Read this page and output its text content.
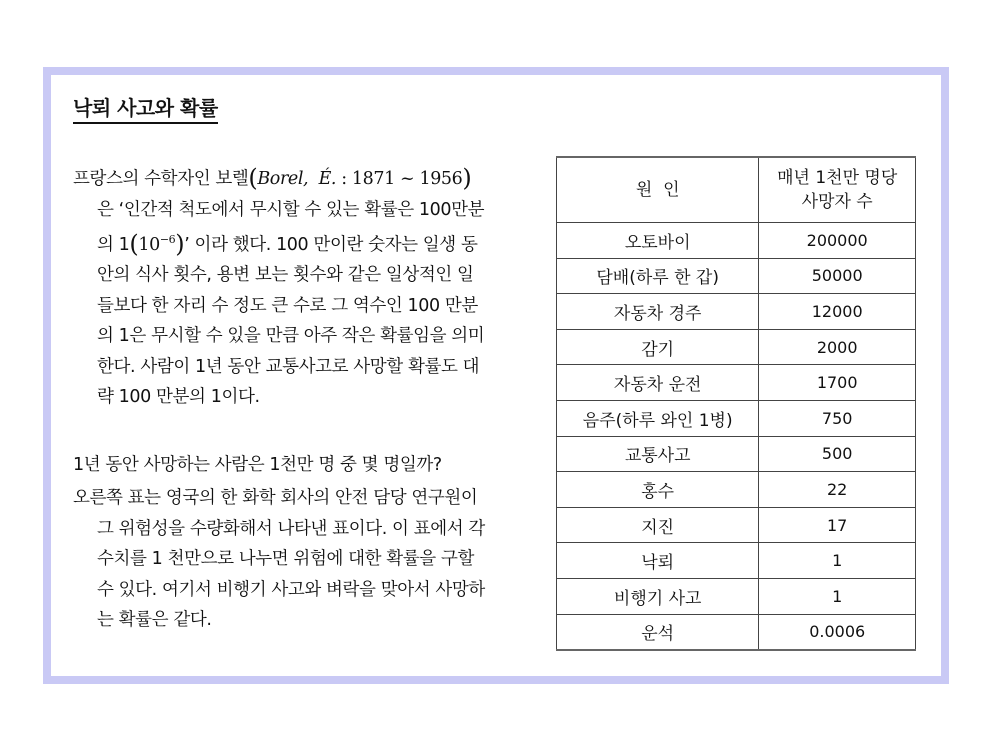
낙뢰 사고와 확률
프랑스의 수학자인 보렐(Borel, É. : 1871 ~ 1956)
은 ‘인간적 척도에서 무시할 수 있는 확률은 100만분
의 $1(10^{-6})$’ 이라 했다. 100 만이란 숫자는 일생 동
안의 식사 횟수, 용변 보는 횟수와 같은 일상적인 일
들보다 한 자리 수 정도 큰 수로 그 역수인 100 만분
의 1은 무시할 수 있을 만큼 아주 작은 확률임을 의미
한다. 사람이 1년 동안 교통사고로 사망할 확률도 대
략 100 만분의 1이다.
1년 동안 사망하는 사람은 1천만 명 중 몇 명일까?
오른쪽 표는 영국의 한 화학 회사의 안전 담당 연구원이
그 위험성을 수량화해서 나타낸 표이다. 이 표에서 각
수치를 1 천만으로 나누면 위험에 대한 확률을 구할
수 있다. 여기서 비행기 사고와 벼락을 맞아서 사망하
는 확률은 같다.
원  인	매년 1천만 명당
사망자 수
오토바이	200000
담배(하루 한 갑)	50000
자동차 경주	12000
감기	2000
자동차 운전	1700
음주(하루 와인 1병)	750
교통사고	500
홍수	22
지진	17
낙뢰	1
비행기 사고	1
운석	0.0006
